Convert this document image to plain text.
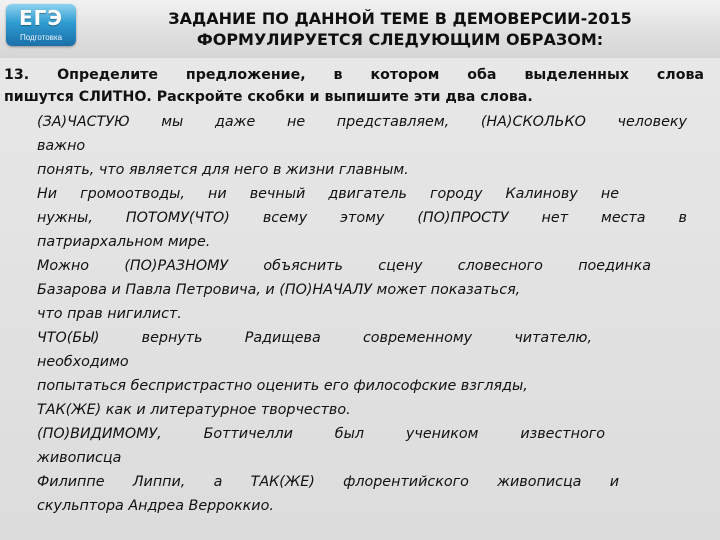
ЕГЭ
Подготовка
ЗАДАНИЕ ПО ДАННОЙ ТЕМЕ В ДЕМОВЕРСИИ-2015
ФОРМУЛИРУЕТСЯ СЛЕДУЮЩИМ ОБРАЗОМ:

13. Определите предложение, в котором оба выделенных слова
пишутся СЛИТНО. Раскройте скобки и выпишите эти два слова.

(ЗА)ЧАСТУЮ мы даже не представляем, (НА)СКОЛЬКО человеку
важно
понять, что является для него в жизни главным.
Ни громоотводы, ни вечный двигатель городу Калинову не
нужны, ПОТОМУ(ЧТО) всему этому (ПО)ПРОСТУ нет места в
патриархальном мире.
Можно (ПО)РАЗНОМУ объяснить сцену словесного поединка
Базарова и Павла Петровича, и (ПО)НАЧАЛУ может показаться,
что прав нигилист.
ЧТО(БЫ) вернуть Радищева современному читателю,
необходимо
попытаться беспристрастно оценить его философские взгляды,
ТАК(ЖЕ) как и литературное творчество.
(ПО)ВИДИМОМУ, Боттичелли был учеником известного
живописца
Филиппе Липпи, а ТАК(ЖЕ) флорентийского живописца и
скульптора Андреа Верроккио.
